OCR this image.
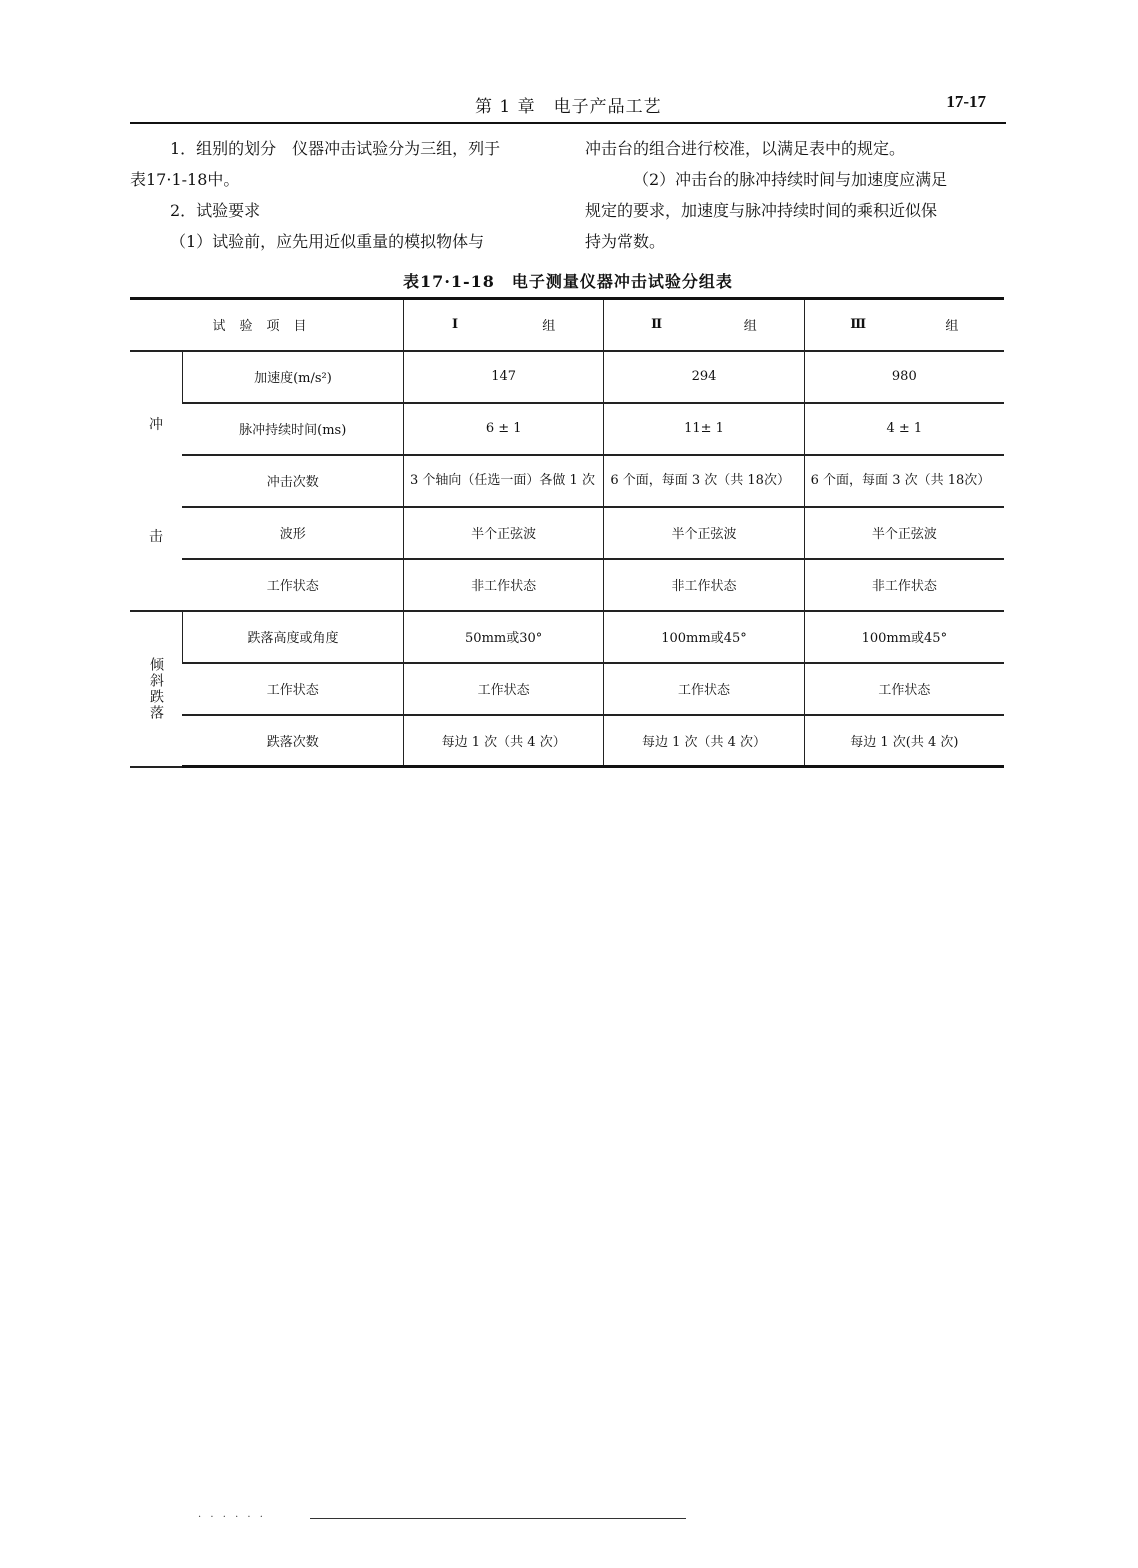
第 1 章　电子产品工艺	17-17

1．组别的划分　仪器冲击试验分为三组，列于

表17·1-18中。

2．试验要求

（1）试验前，应先用近似重量的模拟物体与

冲击台的组合进行校准，以满足表中的规定。

（2）冲击台的脉冲持续时间与加速度应满足

规定的要求，加速度与脉冲持续时间的乘积近似保

持为常数。

表17·1-18　电子测量仪器冲击试验分组表
试验项目		Ⅰ 组	Ⅱ 组	Ⅲ 组

冲
击	加速度(m/s²)	147	294	980
	脉冲持续时间(ms)	6 ± 1	11± 1	4 ± 1
	冲击次数	3 个轴向（任选一面）各做 1 次	6 个面，每面 3 次（共 18次）	6 个面，每面 3 次（共 18次）
	波形	半个正弦波	半个正弦波	半个正弦波
	工作状态	非工作状态	非工作状态	非工作状态
倾斜跌落	跌落高度或角度	50mm或30°	100mm或45°	100mm或45°
	工作状态	工作状态	工作状态	工作状态
	跌落次数	每边 1 次（共 4 次）	每边 1 次（共 4 次）	每边 1 次(共 4 次)
· · · · · ·
